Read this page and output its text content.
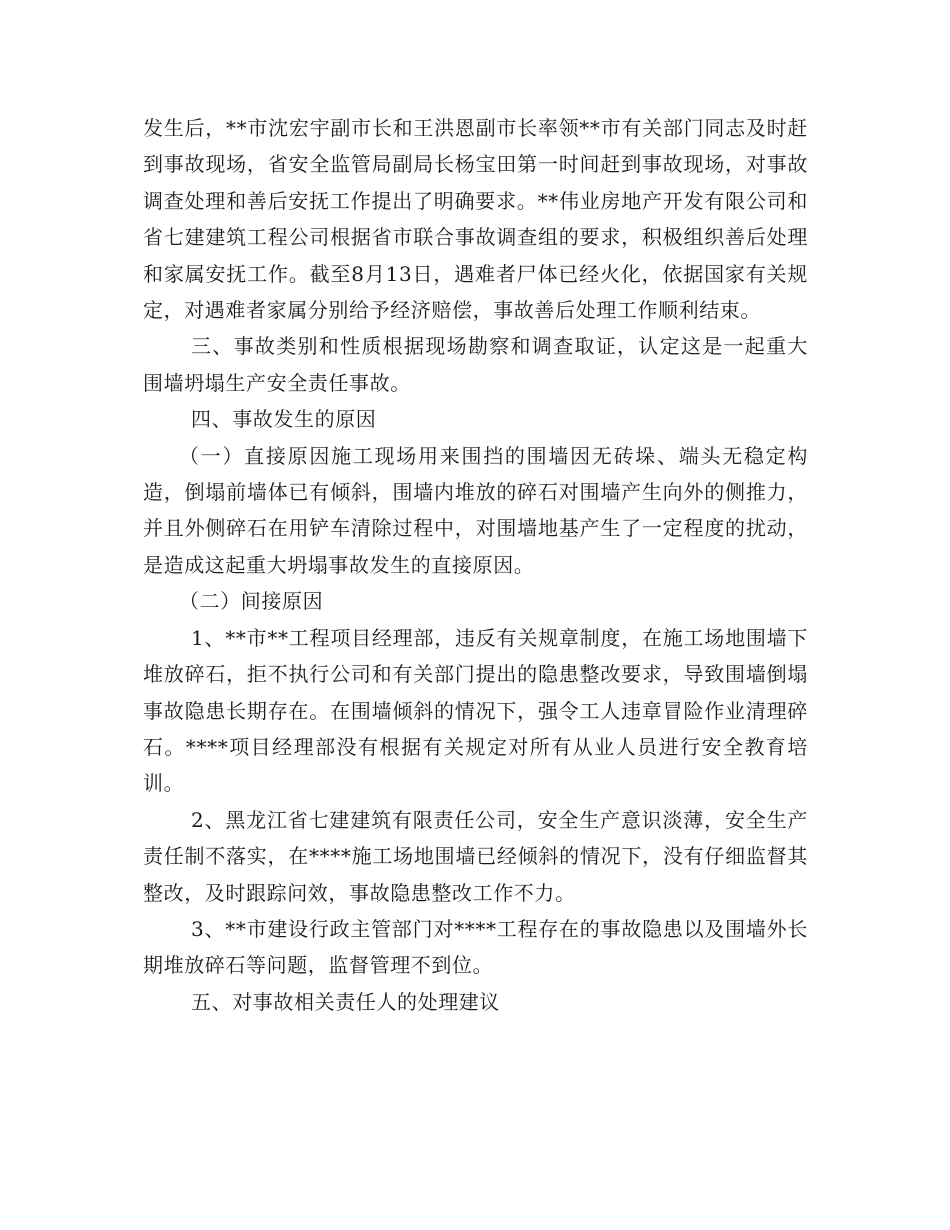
发生后，**市沈宏宇副市长和王洪恩副市长率领**市有关部门同志及时赶到事故现场，省安全监管局副局长杨宝田第一时间赶到事故现场，对事故调查处理和善后安抚工作提出了明确要求。**伟业房地产开发有限公司和省七建建筑工程公司根据省市联合事故调查组的要求，积极组织善后处理和家属安抚工作。截至8月13日，遇难者尸体已经火化，依据国家有关规定，对遇难者家属分别给予经济赔偿，事故善后处理工作顺利结束。

三、事故类别和性质根据现场勘察和调查取证，认定这是一起重大围墙坍塌生产安全责任事故。

四、事故发生的原因

（一）直接原因施工现场用来围挡的围墙因无砖垛、端头无稳定构造，倒塌前墙体已有倾斜，围墙内堆放的碎石对围墙产生向外的侧推力，并且外侧碎石在用铲车清除过程中，对围墙地基产生了一定程度的扰动，是造成这起重大坍塌事故发生的直接原因。

（二）间接原因

1、**市**工程项目经理部，违反有关规章制度，在施工场地围墙下堆放碎石，拒不执行公司和有关部门提出的隐患整改要求，导致围墙倒塌事故隐患长期存在。在围墙倾斜的情况下，强令工人违章冒险作业清理碎石。****项目经理部没有根据有关规定对所有从业人员进行安全教育培训。

2、黑龙江省七建建筑有限责任公司，安全生产意识淡薄，安全生产责任制不落实，在****施工场地围墙已经倾斜的情况下，没有仔细监督其整改，及时跟踪问效，事故隐患整改工作不力。

3、**市建设行政主管部门对****工程存在的事故隐患以及围墙外长期堆放碎石等问题，监督管理不到位。

五、对事故相关责任人的处理建议
